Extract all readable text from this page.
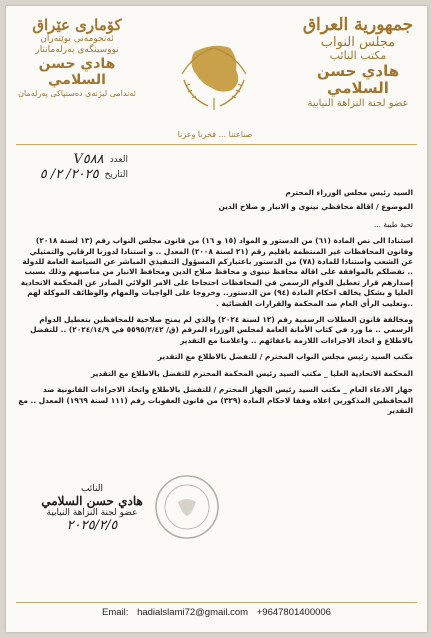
جمهورية العراق
مجلس النواب
مكتب النائب
هادي حسن السلامي
عضو لجنة النزاهة النيابية
كۆماری عێراق
ئەنجومەنی نوێنەران
نووسینگەی پەرلەمانتار
هادي حسن السلامي
ئەندامی لیژنەی دەستپاکی پەرلەمان
صناعتنا ... فخرنا وعزنا
العدد
V٥٨٨
التاريخ
٢٠٢٥/ ٢/ ٥

السيد رئيس مجلس الوزراء المحترم

الموضوع / اقالة محافظي نينوى و الانبار و صلاح الدين

تحية طيبة ...

استنادا الى نص المادة (٦١) من الدستور و المواد (١٥ و ١٦) من قانون مجلس النواب رقم (١٣ لسنة ٢٠١٨) وقانون المحافظات غير المنتظمة باقليم رقم (٢١ لسنة ٢٠٠٨) المعدل .. و استنادا لدورنا الرقابي والتمثيلي عن الشعب واستنادا للمادة (٧٨) من الدستور باعتباركم المسؤول التنفيذي المباشر عن السياسة العامة للدولة .. تفضلكم بالموافقة على اقالة محافظ نينوى و محافظ صلاح الدين ومحافظ الانبار من مناصبهم وذلك بسبب إصدارهم قرار تعطيل الدوام الرسمي في المحافظات احتجاجا على الامر الولائي الصادر عن المحكمة الاتحادية العليا و بشكل يخالف احكام المادة (٩٤) من الدستور.. وخروجا على الواجبات والمهام والوظائف الموكلة لهم ..وتغليب الرأي العام ضد المحكمة والقرارات القضائية .

ومخالفة قانون العطلات الرسمية رقم (١٢ لسنة ٢٠٢٤) والذي لم يمنح صلاحية للمحافظين بتعطيل الدوام الرسمي .. ما ورد في كتاب الأمانة العامة لمجلس الوزراء المرقم (ق/ ٥٥٩٥/٢/٤٢ في ٢٠٢٤/١٤/٩) .. للتفضل بالاطلاع و اتخاذ الاجراءات اللازمة باعفائهم .. واعلامنا مع التقدير

مكتب السيد رئيس مجلس النواب المحترم / للتفضل بالاطلاع مع التقدير

المحكمة الاتحادية العليا _ مكتب السيد رئيس المحكمة المحترم للتفضل بالاطلاع مع التقدير

جهاز الادعاء العام _ مكتب السيد رئيس الجهاز المحترم / للتفضل بالاطلاع واتخاذ الاجراءات القانونية ضد المحافظين المذكورين اعلاه وفقا لاحكام المادة (٣٢٩) من قانون العقوبات رقم (١١١ لسنة ١٩٦٩) المعدل .. مع التقدير

النائب
هادي حسن السلامي
عضو لجنة النزاهة النيابية
٢٠٢٥/٢/٥
Email: hadialslami72@gmail.com +9647801400006
